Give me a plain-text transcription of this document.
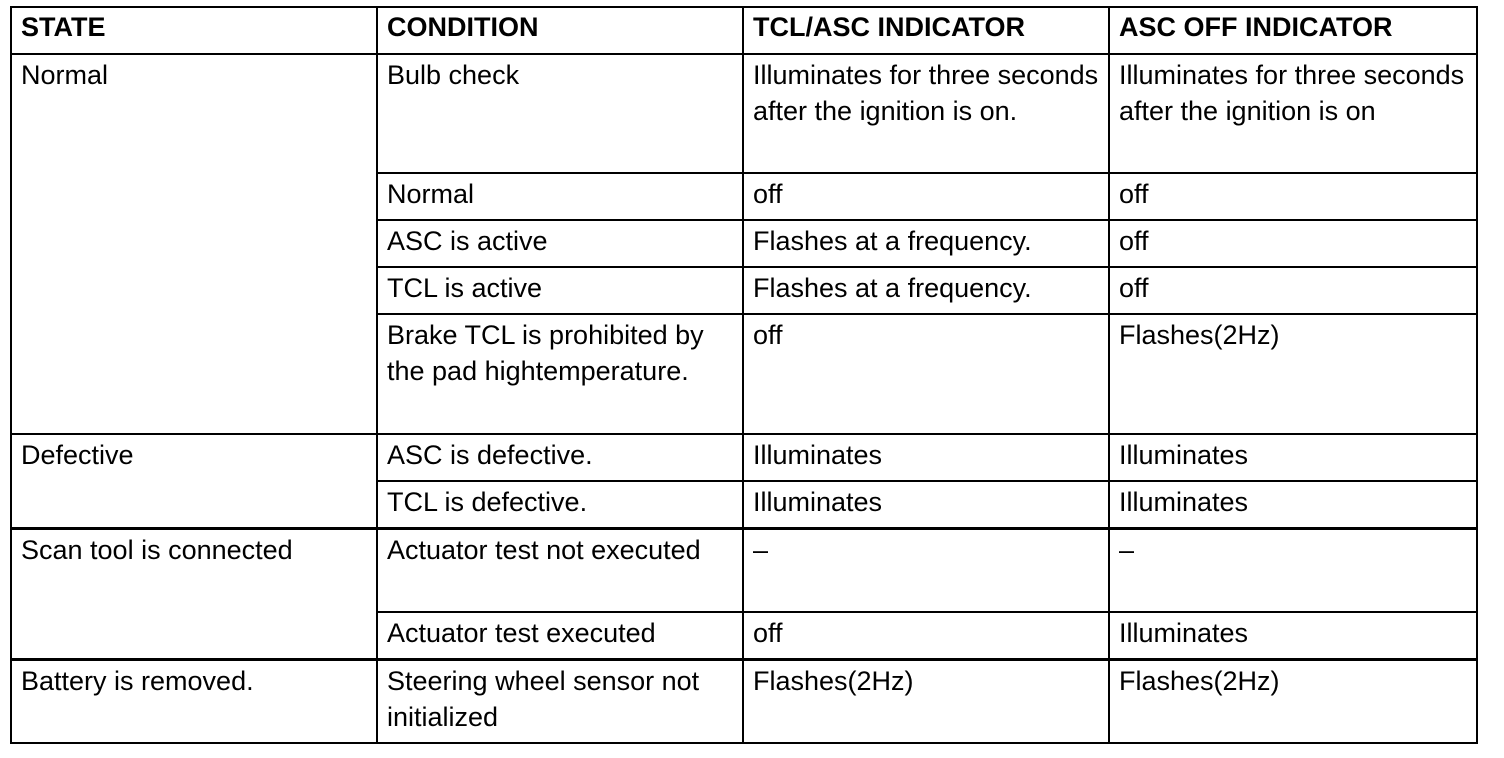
STATE	CONDITION	TCL/ASC INDICATOR	ASC OFF INDICATOR
Normal	Bulb check	Illuminates for three seconds after the ignition is on.	Illuminates for three seconds after the ignition is on
	Normal	off	off
	ASC is active	Flashes at a frequency.	off
	TCL is active	Flashes at a frequency.	off
	Brake TCL is prohibited by the pad hightemperature.	off	Flashes(2Hz)
Defective	ASC is defective.	Illuminates	Illuminates
	TCL is defective.	Illuminates	Illuminates
Scan tool is connected	Actuator test not executed	–	–
	Actuator test executed	off	Illuminates
Battery is removed.	Steering wheel sensor not initialized	Flashes(2Hz)	Flashes(2Hz)
